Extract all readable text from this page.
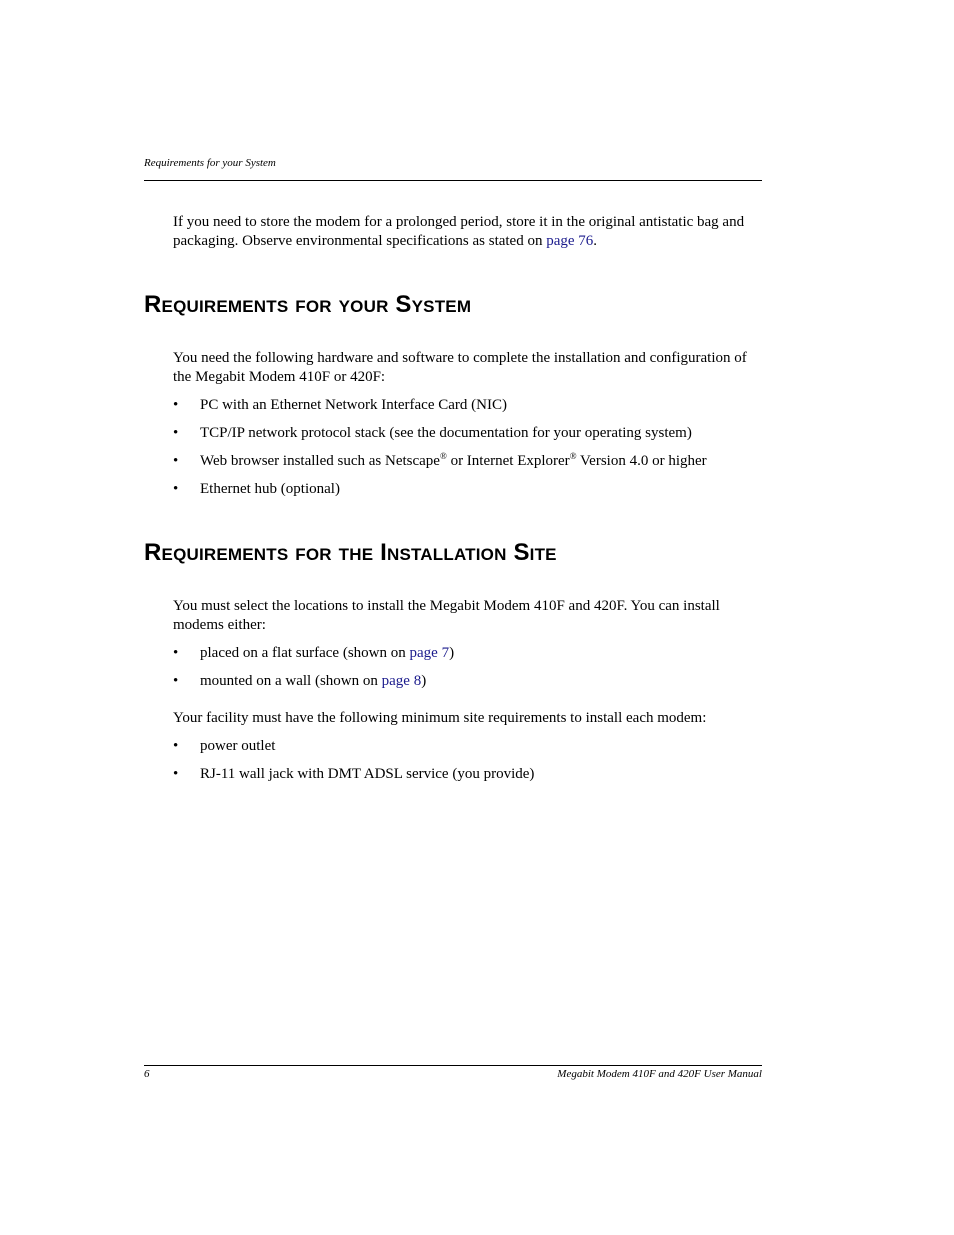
Requirements for your System
If you need to store the modem for a prolonged period, store it in the original antistatic bag and packaging. Observe environmental specifications as stated on page 76.
Requirements for your System
You need the following hardware and software to complete the installation and configuration of the Megabit Modem 410F or 420F:
• PC with an Ethernet Network Interface Card (NIC)
• TCP/IP network protocol stack (see the documentation for your operating system)
• Web browser installed such as Netscape® or Internet Explorer® Version 4.0 or higher
• Ethernet hub (optional)
Requirements for the Installation Site
You must select the locations to install the Megabit Modem 410F and 420F. You can install modems either:
• placed on a flat surface (shown on page 7)
• mounted on a wall (shown on page 8)
Your facility must have the following minimum site requirements to install each modem:
• power outlet
• RJ-11 wall jack with DMT ADSL service (you provide)
6	Megabit Modem 410F and 420F User Manual
